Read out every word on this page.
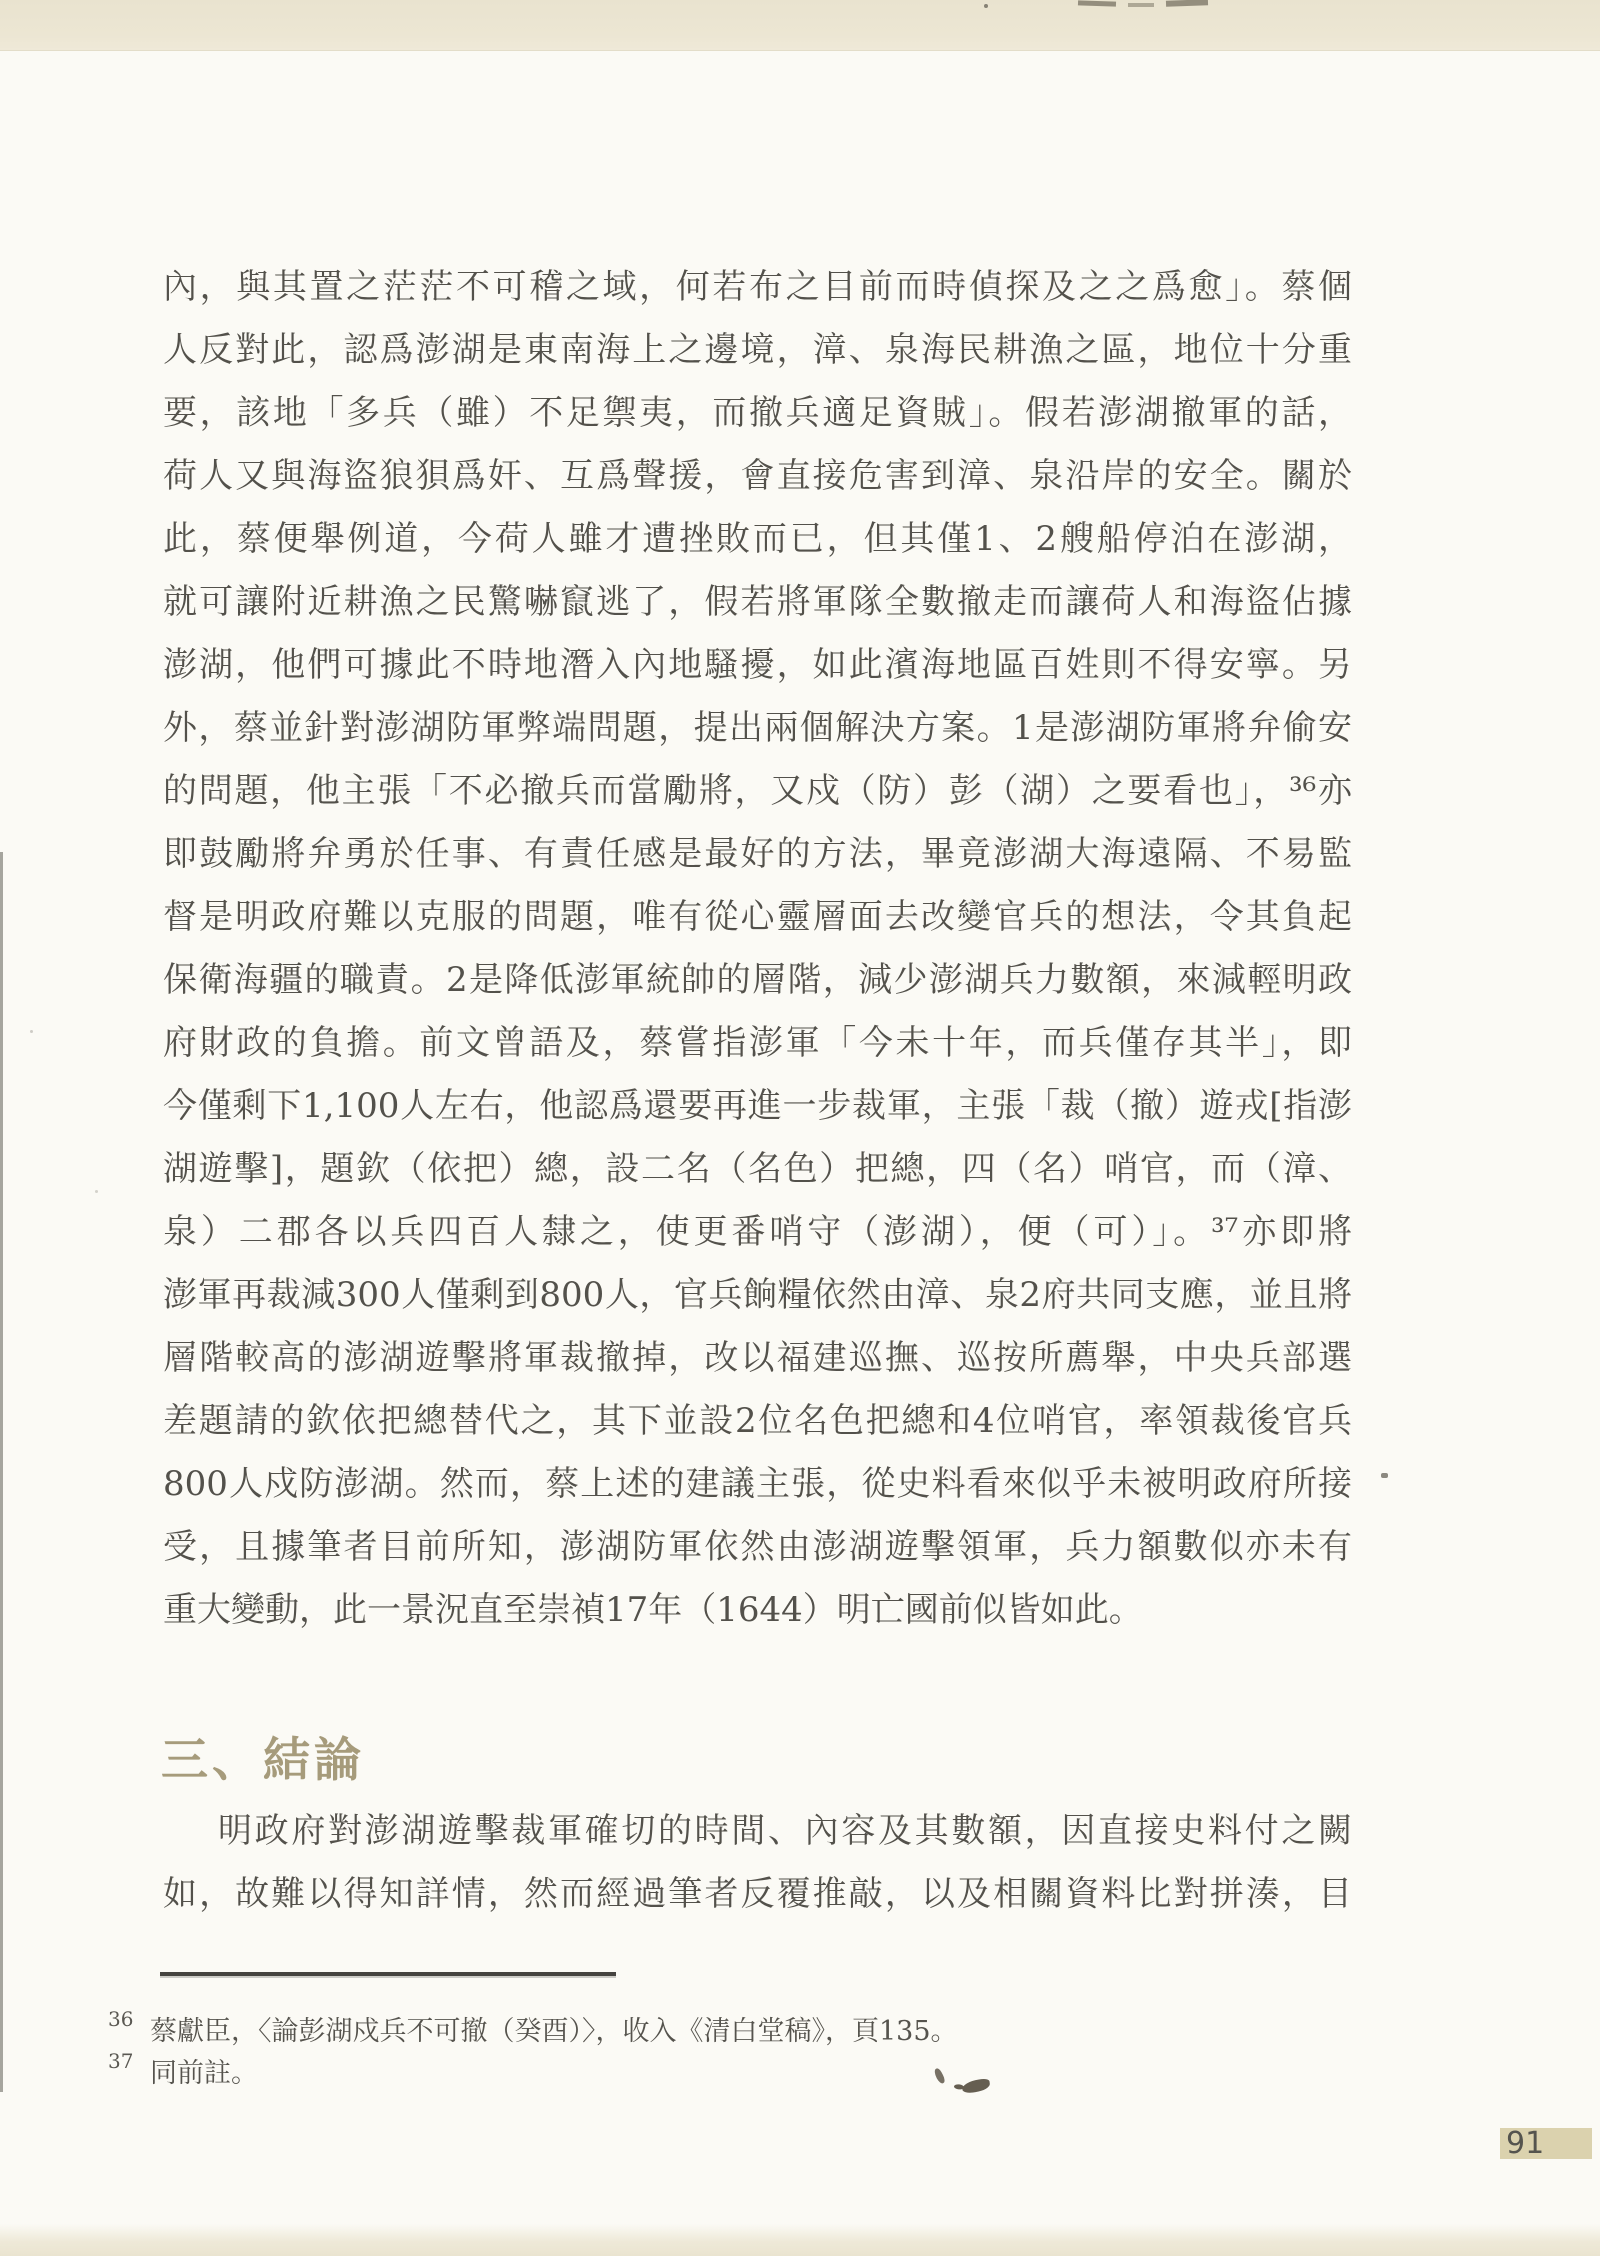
內，與其置之茫茫不可稽之域，何若布之目前而時偵探及之之爲愈」。蔡個
人反對此，認爲澎湖是東南海上之邊境，漳、泉海民耕漁之區，地位十分重
要，該地「多兵（雖）不足禦夷，而撤兵適足資賊」。假若澎湖撤軍的話，
荷人又與海盜狼狽爲奸、互爲聲援，會直接危害到漳、泉沿岸的安全。關於
此，蔡便舉例道，今荷人雖才遭挫敗而已，但其僅1、2艘船停泊在澎湖，
就可讓附近耕漁之民驚嚇竄逃了，假若將軍隊全數撤走而讓荷人和海盜佔據
澎湖，他們可據此不時地潛入內地騷擾，如此濱海地區百姓則不得安寧。另
外，蔡並針對澎湖防軍弊端問題，提出兩個解決方案。1是澎湖防軍將弁偷安
的問題，他主張「不必撤兵而當勵將，又戍（防）彭（湖）之要看也」，³⁶亦
即鼓勵將弁勇於任事、有責任感是最好的方法，畢竟澎湖大海遠隔、不易監
督是明政府難以克服的問題，唯有從心靈層面去改變官兵的想法，令其負起
保衛海疆的職責。2是降低澎軍統帥的層階，減少澎湖兵力數額，來減輕明政
府財政的負擔。前文曾語及，蔡嘗指澎軍「今未十年，而兵僅存其半」，即
今僅剩下1,100人左右，他認爲還要再進一步裁軍，主張「裁（撤）遊戎[指澎
湖遊擊]，題欽（依把）總，設二名（名色）把總，四（名）哨官，而（漳、
泉）二郡各以兵四百人隸之，使更番哨守（澎湖），便（可）」。³⁷亦即將
澎軍再裁減300人僅剩到800人，官兵餉糧依然由漳、泉2府共同支應，並且將
層階較高的澎湖遊擊將軍裁撤掉，改以福建巡撫、巡按所薦舉，中央兵部選
差題請的欽依把總替代之，其下並設2位名色把總和4位哨官，率領裁後官兵
800人戍防澎湖。然而，蔡上述的建議主張，從史料看來似乎未被明政府所接
受，且據筆者目前所知，澎湖防軍依然由澎湖遊擊領軍，兵力額數似亦未有
重大變動，此一景況直至崇禎17年（1644）明亡國前似皆如此。
三、結論
明政府對澎湖遊擊裁軍確切的時間、內容及其數額，因直接史料付之闕
如，故難以得知詳情，然而經過筆者反覆推敲，以及相關資料比對拼湊，目
36 蔡獻臣，〈論彭湖戍兵不可撤（癸酉）〉，收入《清白堂稿》，頁135。
37 同前註。
91
